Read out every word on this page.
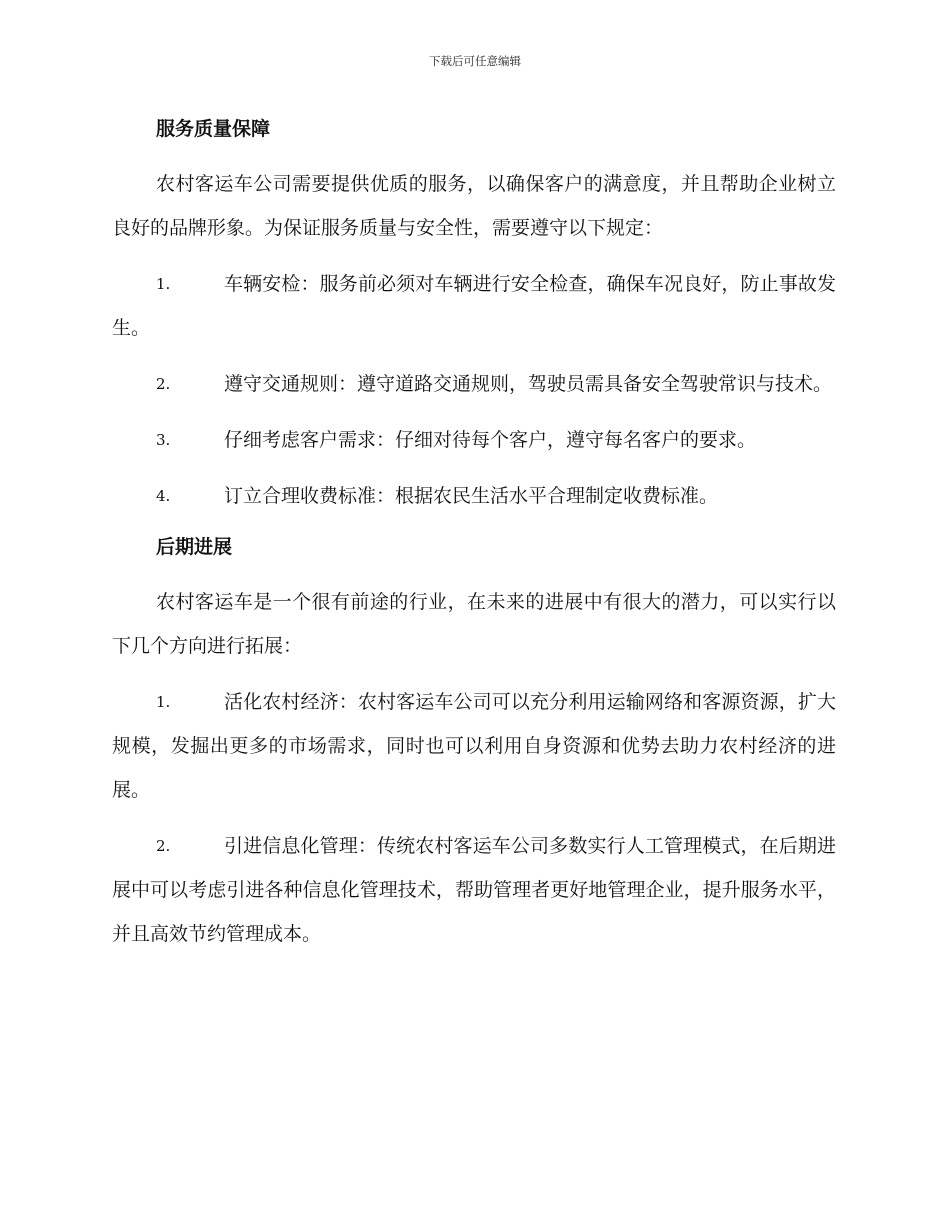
下载后可任意编辑
服务质量保障
农村客运车公司需要提供优质的服务，以确保客户的满意度，并且帮助企业树立良好的品牌形象。为保证服务质量与安全性，需要遵守以下规定：
1.	车辆安检：服务前必须对车辆进行安全检查，确保车况良好，防止事故发生。
2.	遵守交通规则：遵守道路交通规则，驾驶员需具备安全驾驶常识与技术。
3.	仔细考虑客户需求：仔细对待每个客户，遵守每名客户的要求。
4.	订立合理收费标准：根据农民生活水平合理制定收费标准。
后期进展
农村客运车是一个很有前途的行业，在未来的进展中有很大的潜力，可以实行以下几个方向进行拓展：
1.	活化农村经济：农村客运车公司可以充分利用运输网络和客源资源，扩大规模，发掘出更多的市场需求，同时也可以利用自身资源和优势去助力农村经济的进展。
2.	引进信息化管理：传统农村客运车公司多数实行人工管理模式，在后期进展中可以考虑引进各种信息化管理技术，帮助管理者更好地管理企业，提升服务水平，并且高效节约管理成本。
